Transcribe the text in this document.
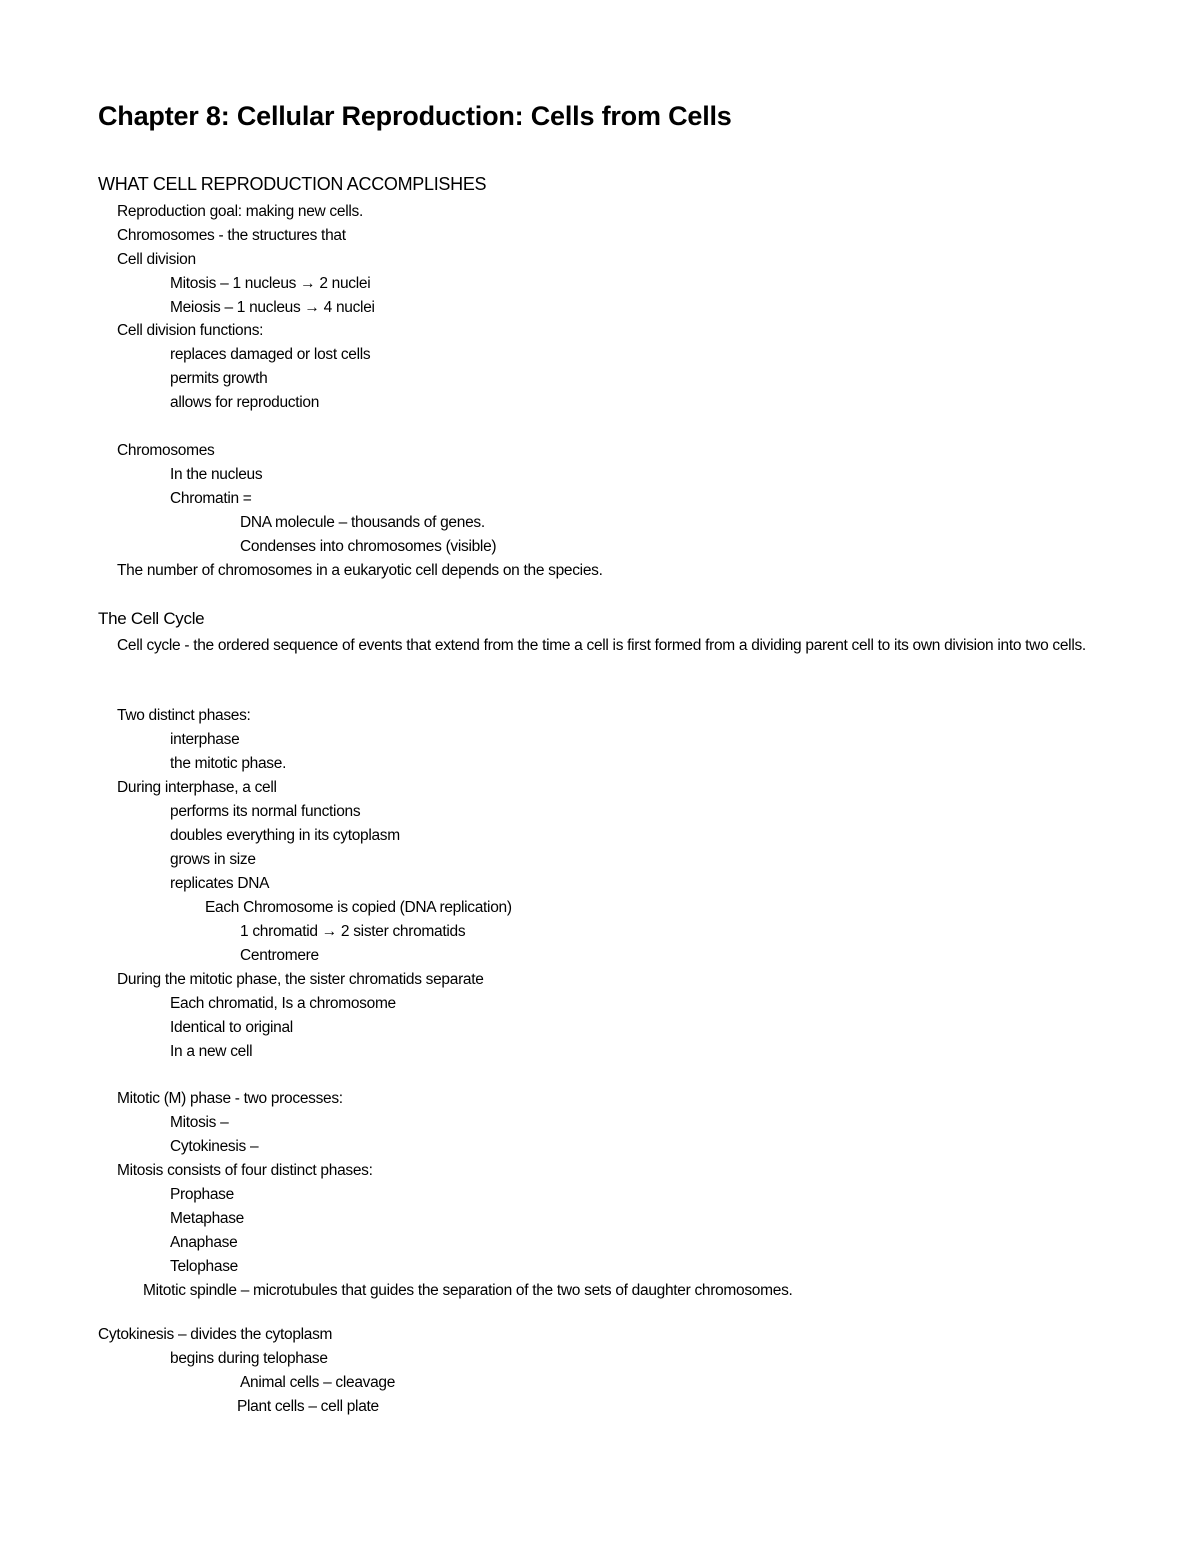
Chapter 8: Cellular Reproduction: Cells from Cells
WHAT CELL REPRODUCTION ACCOMPLISHES
Reproduction goal: making new cells.
Chromosomes - the structures that
Cell division
Mitosis – 1 nucleus → 2 nuclei
Meiosis – 1 nucleus → 4 nuclei
Cell division functions:
replaces damaged or lost cells
permits growth
allows for reproduction
Chromosomes
In the nucleus
Chromatin =
DNA molecule – thousands of genes.
Condenses into chromosomes (visible)
The number of chromosomes in a eukaryotic cell depends on the species.
The Cell Cycle
Cell cycle - the ordered sequence of events that extend from the time a cell is first formed from a dividing parent cell to its own division into two cells.
Two distinct phases:
interphase
the mitotic phase.
During interphase, a cell
performs its normal functions
doubles everything in its cytoplasm
grows in size
replicates DNA
Each Chromosome is copied (DNA replication)
1 chromatid → 2 sister chromatids
Centromere
During the mitotic phase, the sister chromatids separate
Each chromatid, Is a chromosome
Identical to original
In a new cell
Mitotic (M) phase - two processes:
Mitosis –
Cytokinesis –
Mitosis consists of four distinct phases:
Prophase
Metaphase
Anaphase
Telophase
Mitotic spindle – microtubules that guides the separation of the two sets of daughter chromosomes.
Cytokinesis – divides the cytoplasm
begins during telophase
Animal cells – cleavage
Plant cells – cell plate
